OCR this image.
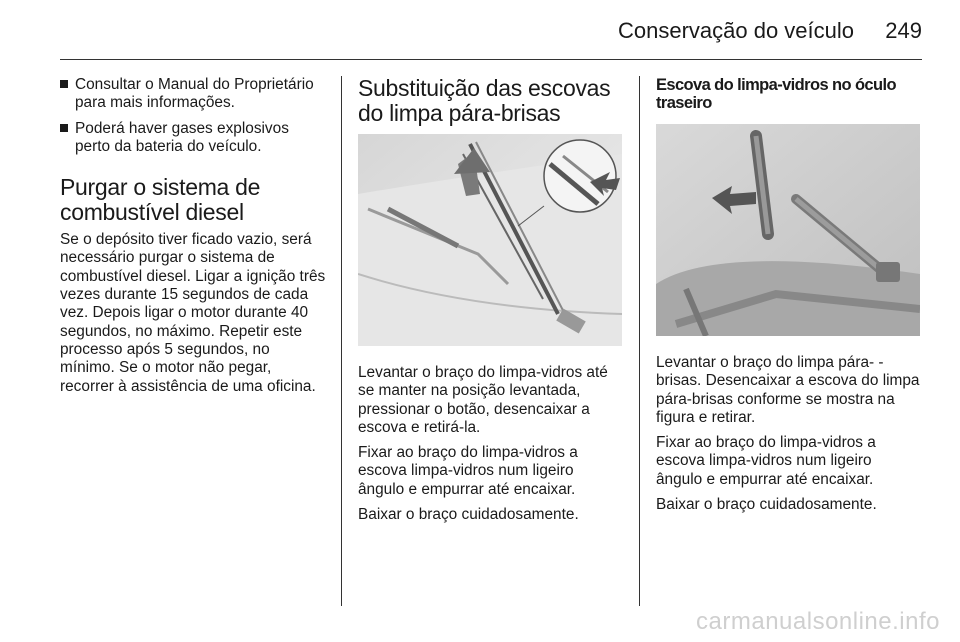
Conservação do veículo 249
Consultar o Manual do Proprietário para mais informações.
Poderá haver gases explosivos perto da bateria do veículo.
Purgar o sistema de combustível diesel

Se o depósito tiver ficado vazio, será necessário purgar o sistema de combustível diesel. Ligar a ignição três vezes durante 15 segundos de cada vez. Depois ligar o motor durante 40 segundos, no máximo. Repetir este processo após 5 segundos, no mínimo. Se o motor não pegar, recorrer à assistência de uma oficina.

Substituição das escovas do limpa pára-brisas

Levantar o braço do limpa-vidros até se manter na posição levantada, pressionar o botão, desencaixar a escova e retirá-la.

Fixar ao braço do limpa-vidros a escova limpa-vidros num ligeiro ângulo e empurrar até encaixar.

Baixar o braço cuidadosamente.

Escova do limpa-vidros no óculo traseiro

Levantar o braço do limpa pára- -brisas. Desencaixar a escova do limpa pára-brisas conforme se mostra na figura e retirar.

Fixar ao braço do limpa-vidros a escova limpa-vidros num ligeiro ângulo e empurrar até encaixar.

Baixar o braço cuidadosamente.

carmanualsonline.info
